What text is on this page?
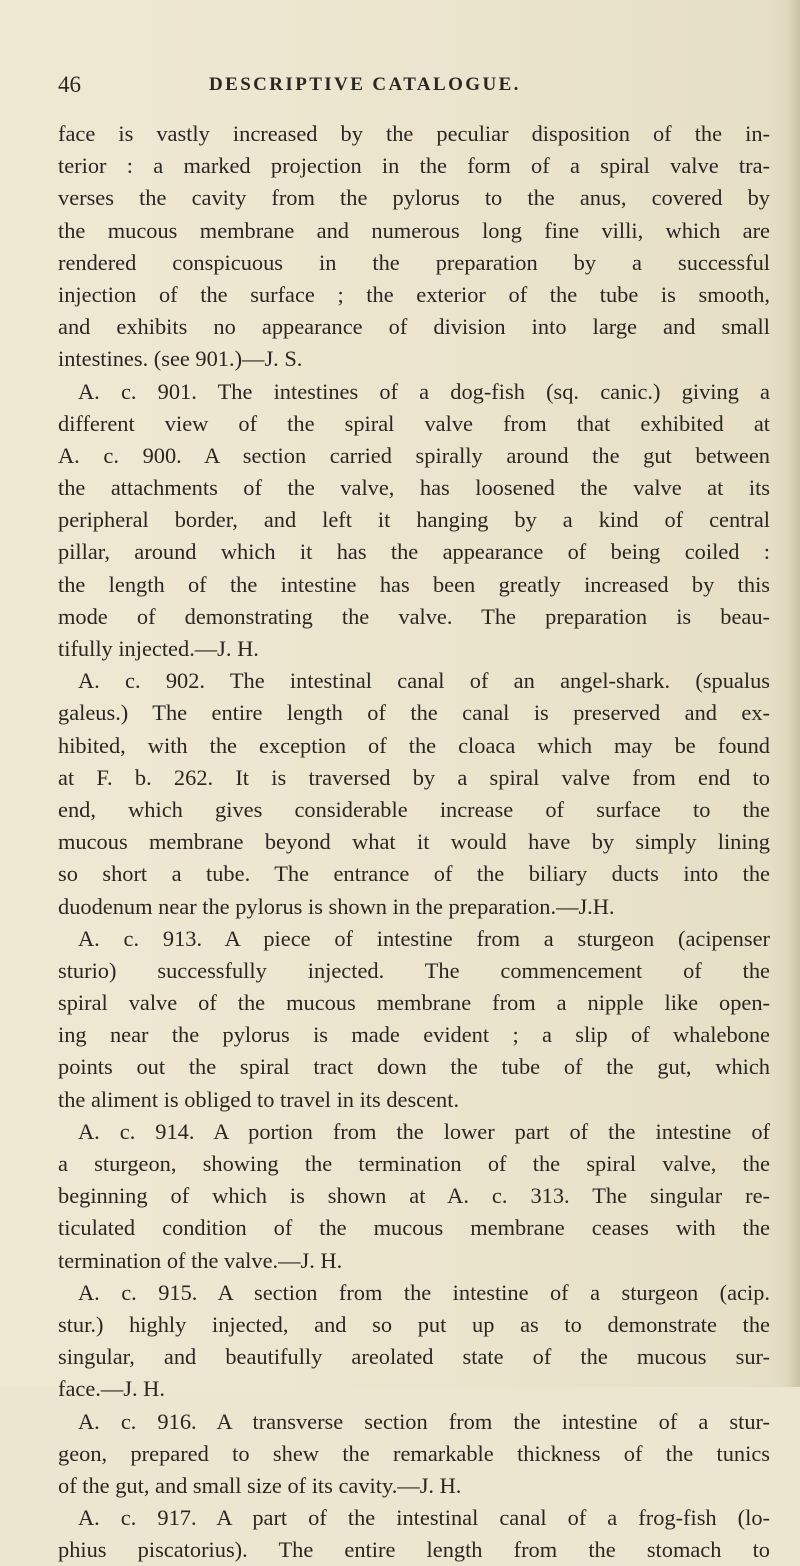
46	DESCRIPTIVE CATALOGUE.
face is vastly increased by the peculiar disposition of the in-
terior : a marked projection in the form of a spiral valve tra-
verses the cavity from the pylorus to the anus, covered by
the mucous membrane and numerous long fine villi, which are
rendered conspicuous in the preparation by a successful
injection of the surface ; the exterior of the tube is smooth,
and exhibits no appearance of division into large and small
intestines. (see 901.)—J. S.
A. c. 901. The intestines of a dog-fish (sq. canic.) giving a
different view of the spiral valve from that exhibited at
A. c. 900. A section carried spirally around the gut between
the attachments of the valve, has loosened the valve at its
peripheral border, and left it hanging by a kind of central
pillar, around which it has the appearance of being coiled :
the length of the intestine has been greatly increased by this
mode of demonstrating the valve. The preparation is beau-
tifully injected.—J. H.
A. c. 902. The intestinal canal of an angel-shark. (spualus
galeus.) The entire length of the canal is preserved and ex-
hibited, with the exception of the cloaca which may be found
at F. b. 262. It is traversed by a spiral valve from end to
end, which gives considerable increase of surface to the
mucous membrane beyond what it would have by simply lining
so short a tube. The entrance of the biliary ducts into the
duodenum near the pylorus is shown in the preparation.—J.H.
A. c. 913. A piece of intestine from a sturgeon (acipenser
sturio) successfully injected. The commencement of the
spiral valve of the mucous membrane from a nipple like open-
ing near the pylorus is made evident ; a slip of whalebone
points out the spiral tract down the tube of the gut, which
the aliment is obliged to travel in its descent.
A. c. 914. A portion from the lower part of the intestine of
a sturgeon, showing the termination of the spiral valve, the
beginning of which is shown at A. c. 313. The singular re-
ticulated condition of the mucous membrane ceases with the
termination of the valve.—J. H.
A. c. 915. A section from the intestine of a sturgeon (acip.
stur.) highly injected, and so put up as to demonstrate the
singular, and beautifully areolated state of the mucous sur-
face.—J. H.
A. c. 916. A transverse section from the intestine of a stur-
geon, prepared to shew the remarkable thickness of the tunics
of the gut, and small size of its cavity.—J. H.
A. c. 917. A part of the intestinal canal of a frog-fish (lo-
phius piscatorius). The entire length from the stomach to
